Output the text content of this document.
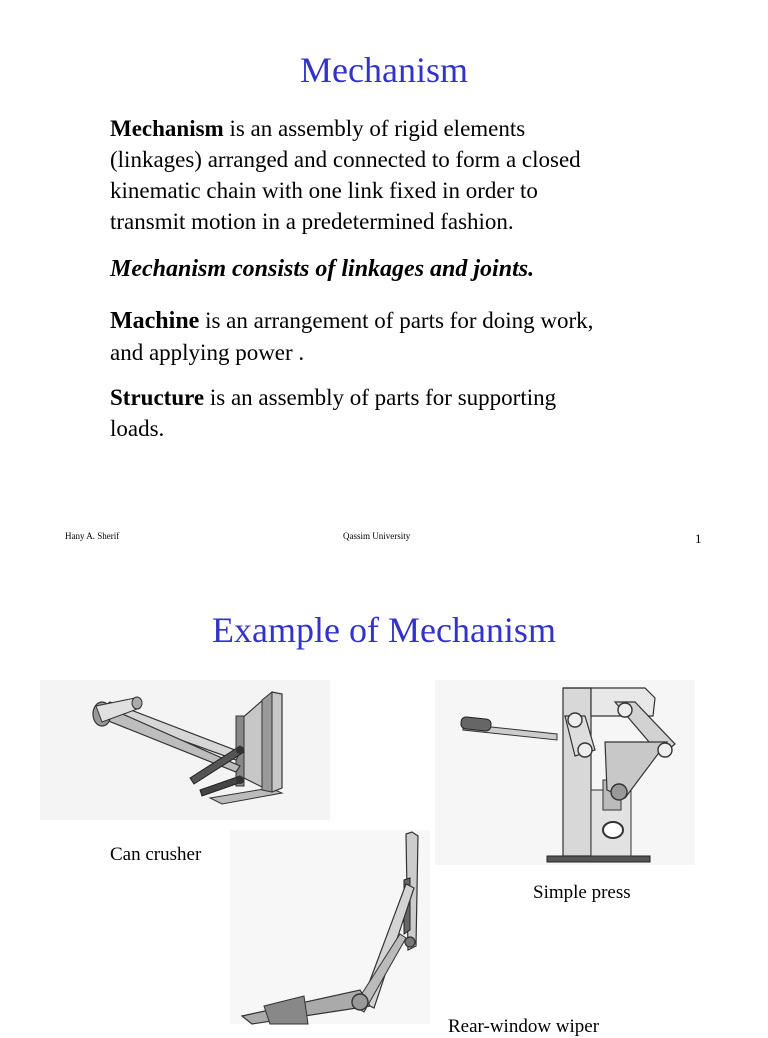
Mechanism
Mechanism is an assembly of rigid elements
(linkages) arranged and connected to form a closed
kinematic chain with one link fixed in order to
transmit motion in a predetermined fashion.
Mechanism consists of linkages and joints.
Machine is an arrangement of parts for doing work,
and applying power .
Structure is an assembly of parts for supporting
loads.
Hany A. Sherif	Qassim University	1
Example of Mechanism
Can crusher
Simple press
Rear-window wiper
